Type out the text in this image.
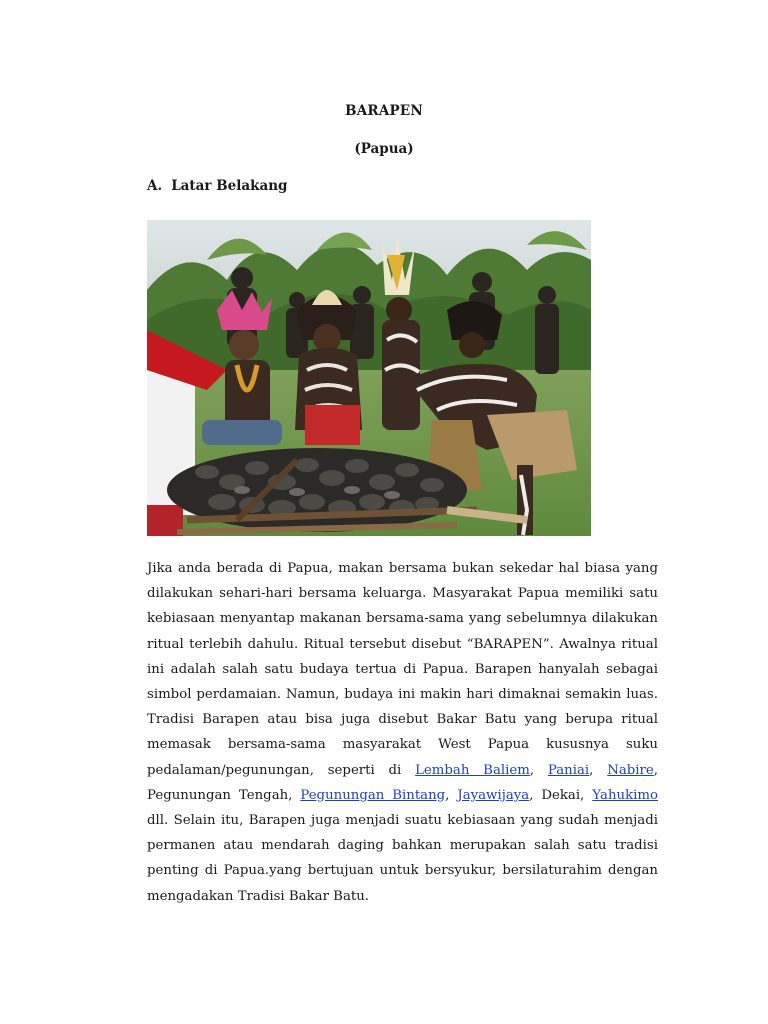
BARAPEN
(Papua)
A. Latar Belakang
Jika anda berada di Papua, makan bersama bukan sekedar hal biasa yang dilakukan sehari-hari bersama keluarga. Masyarakat Papua memiliki satu kebiasaan menyantap makanan bersama-sama yang sebelumnya dilakukan ritual terlebih dahulu. Ritual tersebut disebut “BARAPEN”. Awalnya ritual ini adalah salah satu budaya tertua di Papua. Barapen hanyalah sebagai simbol perdamaian. Namun, budaya ini makin hari dimaknai semakin luas. Tradisi Barapen atau bisa juga disebut Bakar Batu yang berupa ritual memasak bersama-sama masyarakat West Papua kususnya suku pedalaman/pegunungan, seperti di Lembah Baliem, Paniai, Nabire, Pegunungan Tengah, Pegunungan Bintang, Jayawijaya, Dekai, Yahukimo dll. Selain itu, Barapen juga menjadi suatu kebiasaan yang sudah menjadi permanen atau mendarah daging bahkan merupakan salah satu tradisi penting di Papua.yang bertujuan untuk bersyukur, bersilaturahim dengan mengadakan Tradisi Bakar Batu.
